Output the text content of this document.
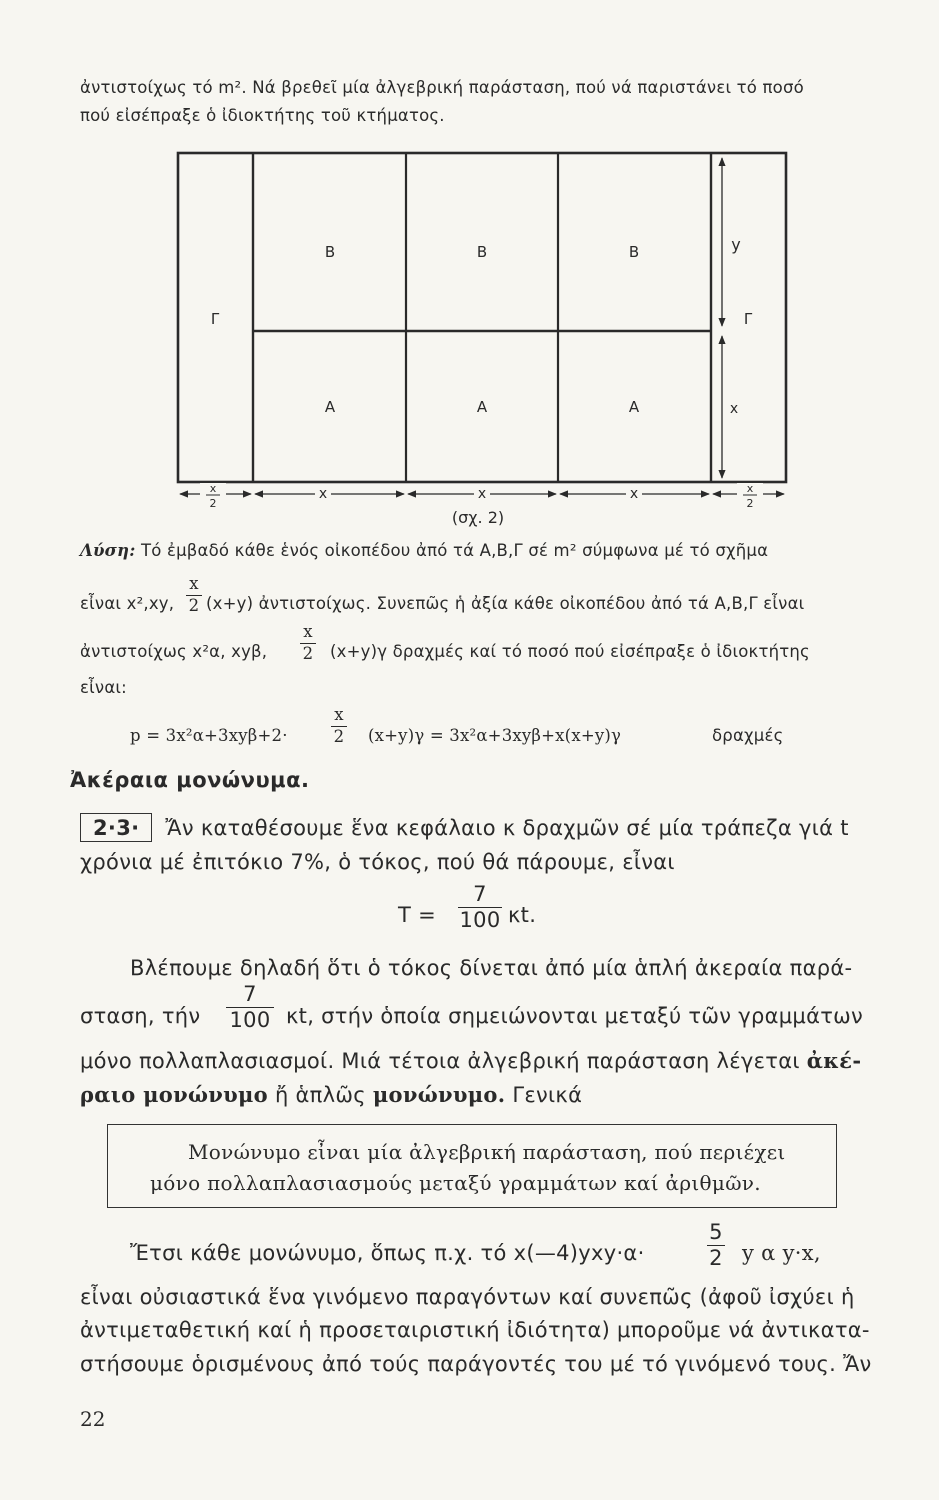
ἀντιστοίχως τό m². Νά βρεθεῖ μία ἀλγεβρική παράσταση, πού νά παριστάνει τό ποσό
πού εἰσέπραξε ὁ ἰδιοκτήτης τοῦ κτήματος.
B	B	B
A	A	A
Γ	Γ
y
x
x
2
x	x	x	x
2
(σχ. 2)
Λύση: Τό ἐμβαδό κάθε ἑνός οἰκοπέδου ἀπό τά Α,Β,Γ σέ m² σύμφωνα μέ τό σχῆμα
εἶναι x²,xy,
x
2 (x+y) ἀντιστοίχως. Συνεπῶς ἡ ἀξία κάθε οἰκοπέδου ἀπό τά Α,Β,Γ εἶναι
ἀντιστοίχως x²α, xyβ,
x
2 (x+y)γ δραχμές καί τό ποσό πού εἰσέπραξε ὁ ἰδιοκτήτης
εἶναι:
p = 3x²α+3xyβ+2·
x
2 (x+y)γ = 3x²α+3xyβ+x(x+y)γ	δραχμές
Ἀκέραια μονώνυμα.
2·3· Ἄν καταθέσουμε ἕνα κεφάλαιο κ δραχμῶν σέ μία τράπεζα γιά t
χρόνια μέ ἐπιτόκιο 7%, ὁ τόκος, πού θά πάρουμε, εἶναι
T =
7
100 κt.
Βλέπουμε δηλαδή ὅτι ὁ τόκος δίνεται ἀπό μία ἁπλή ἀκεραία παρά-
σταση, τήν
7
100 κt, στήν ὁποία σημειώνονται μεταξύ τῶν γραμμάτων
μόνο πολλαπλασιασμοί. Μιά τέτοια ἀλγεβρική παράσταση λέγεται ἀκέ-
ραιο μονώνυμο ἤ ἁπλῶς μονώνυμο. Γενικά
Μονώνυμο εἶναι μία ἀλγεβρική παράσταση, πού περιέχει
μόνο πολλαπλασιασμούς μεταξύ γραμμάτων καί ἀριθμῶν.
Ἔτσι κάθε μονώνυμο, ὅπως π.χ. τό x(—4)yxy·α·
5
2 y α y·x,
εἶναι οὐσιαστικά ἕνα γινόμενο παραγόντων καί συνεπῶς (ἀφοῦ ἰσχύει ἡ
ἀντιμεταθετική καί ἡ προσεταιριστική ἰδιότητα) μποροῦμε νά ἀντικατα-
στήσουμε ὁρισμένους ἀπό τούς παράγοντές του μέ τό γινόμενό τους. Ἄν
22
